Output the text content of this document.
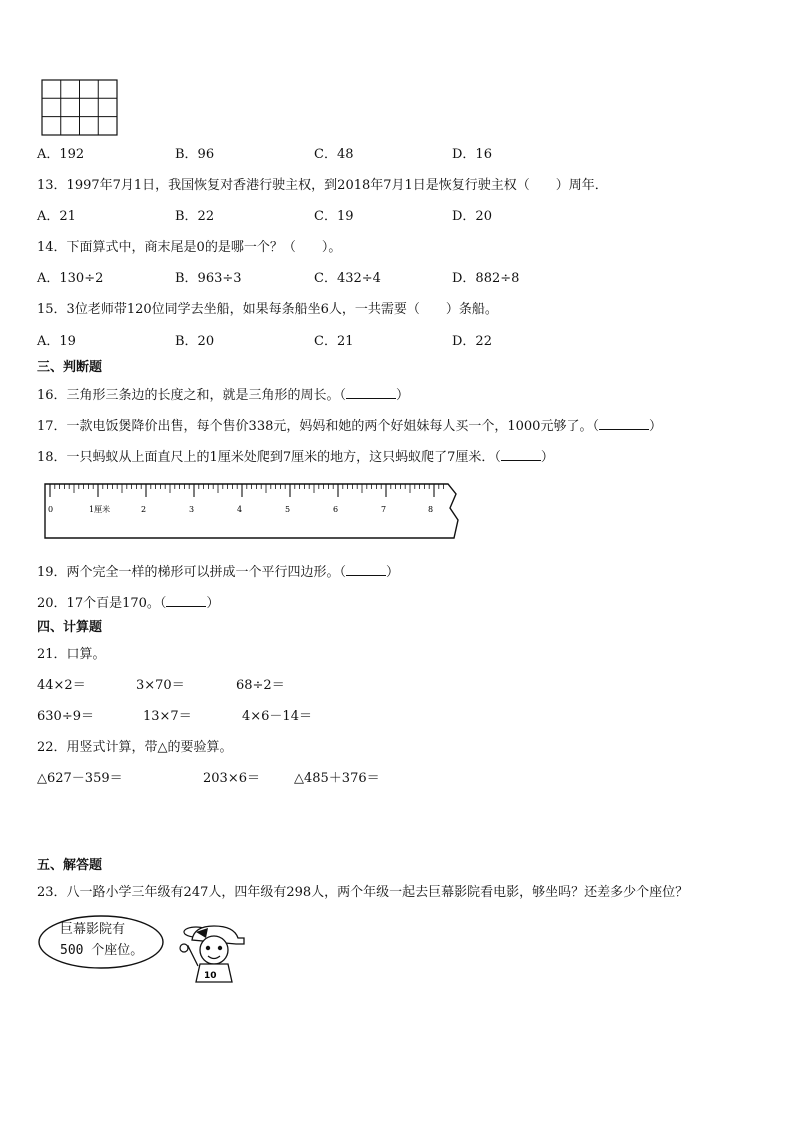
A．192	B．96	C．48	D．16
13．1997年7月1日，我国恢复对香港行驶主权，到2018年7月1日是恢复行驶主权（　　）周年．
A．21	B．22	C．19	D．20
14．下面算式中，商末尾是0的是哪一个？（　　）。
A．130÷2	B．963÷3	C．432÷4	D．882÷8
15．3位老师带120位同学去坐船，如果每条船坐6人，一共需要（　　）条船。
A．19	B．20	C．21	D．22
三、判断题
16．三角形三条边的长度之和，就是三角形的周长。（	）
17．一款电饭煲降价出售，每个售价338元，妈妈和她的两个好姐妹每人买一个，1000元够了。（	）
18．一只蚂蚁从上面直尺上的1厘米处爬到7厘米的地方，这只蚂蚁爬了7厘米．（	）
0	1厘米	2	3	4	5	6	7	8
19．两个完全一样的梯形可以拼成一个平行四边形。（	）
20．17个百是170。（	）
四、计算题
21．口算。
44×2＝	3×70＝	68÷2＝
630÷9＝	13×7＝	4×6－14＝
22．用竖式计算，带△的要验算。
△627－359＝	203×6＝	△485＋376＝
五、解答题
23．八一路小学三年级有247人，四年级有298人，两个年级一起去巨幕影院看电影，够坐吗？还差多少个座位？
巨幕影院有
500 个座位。
10
